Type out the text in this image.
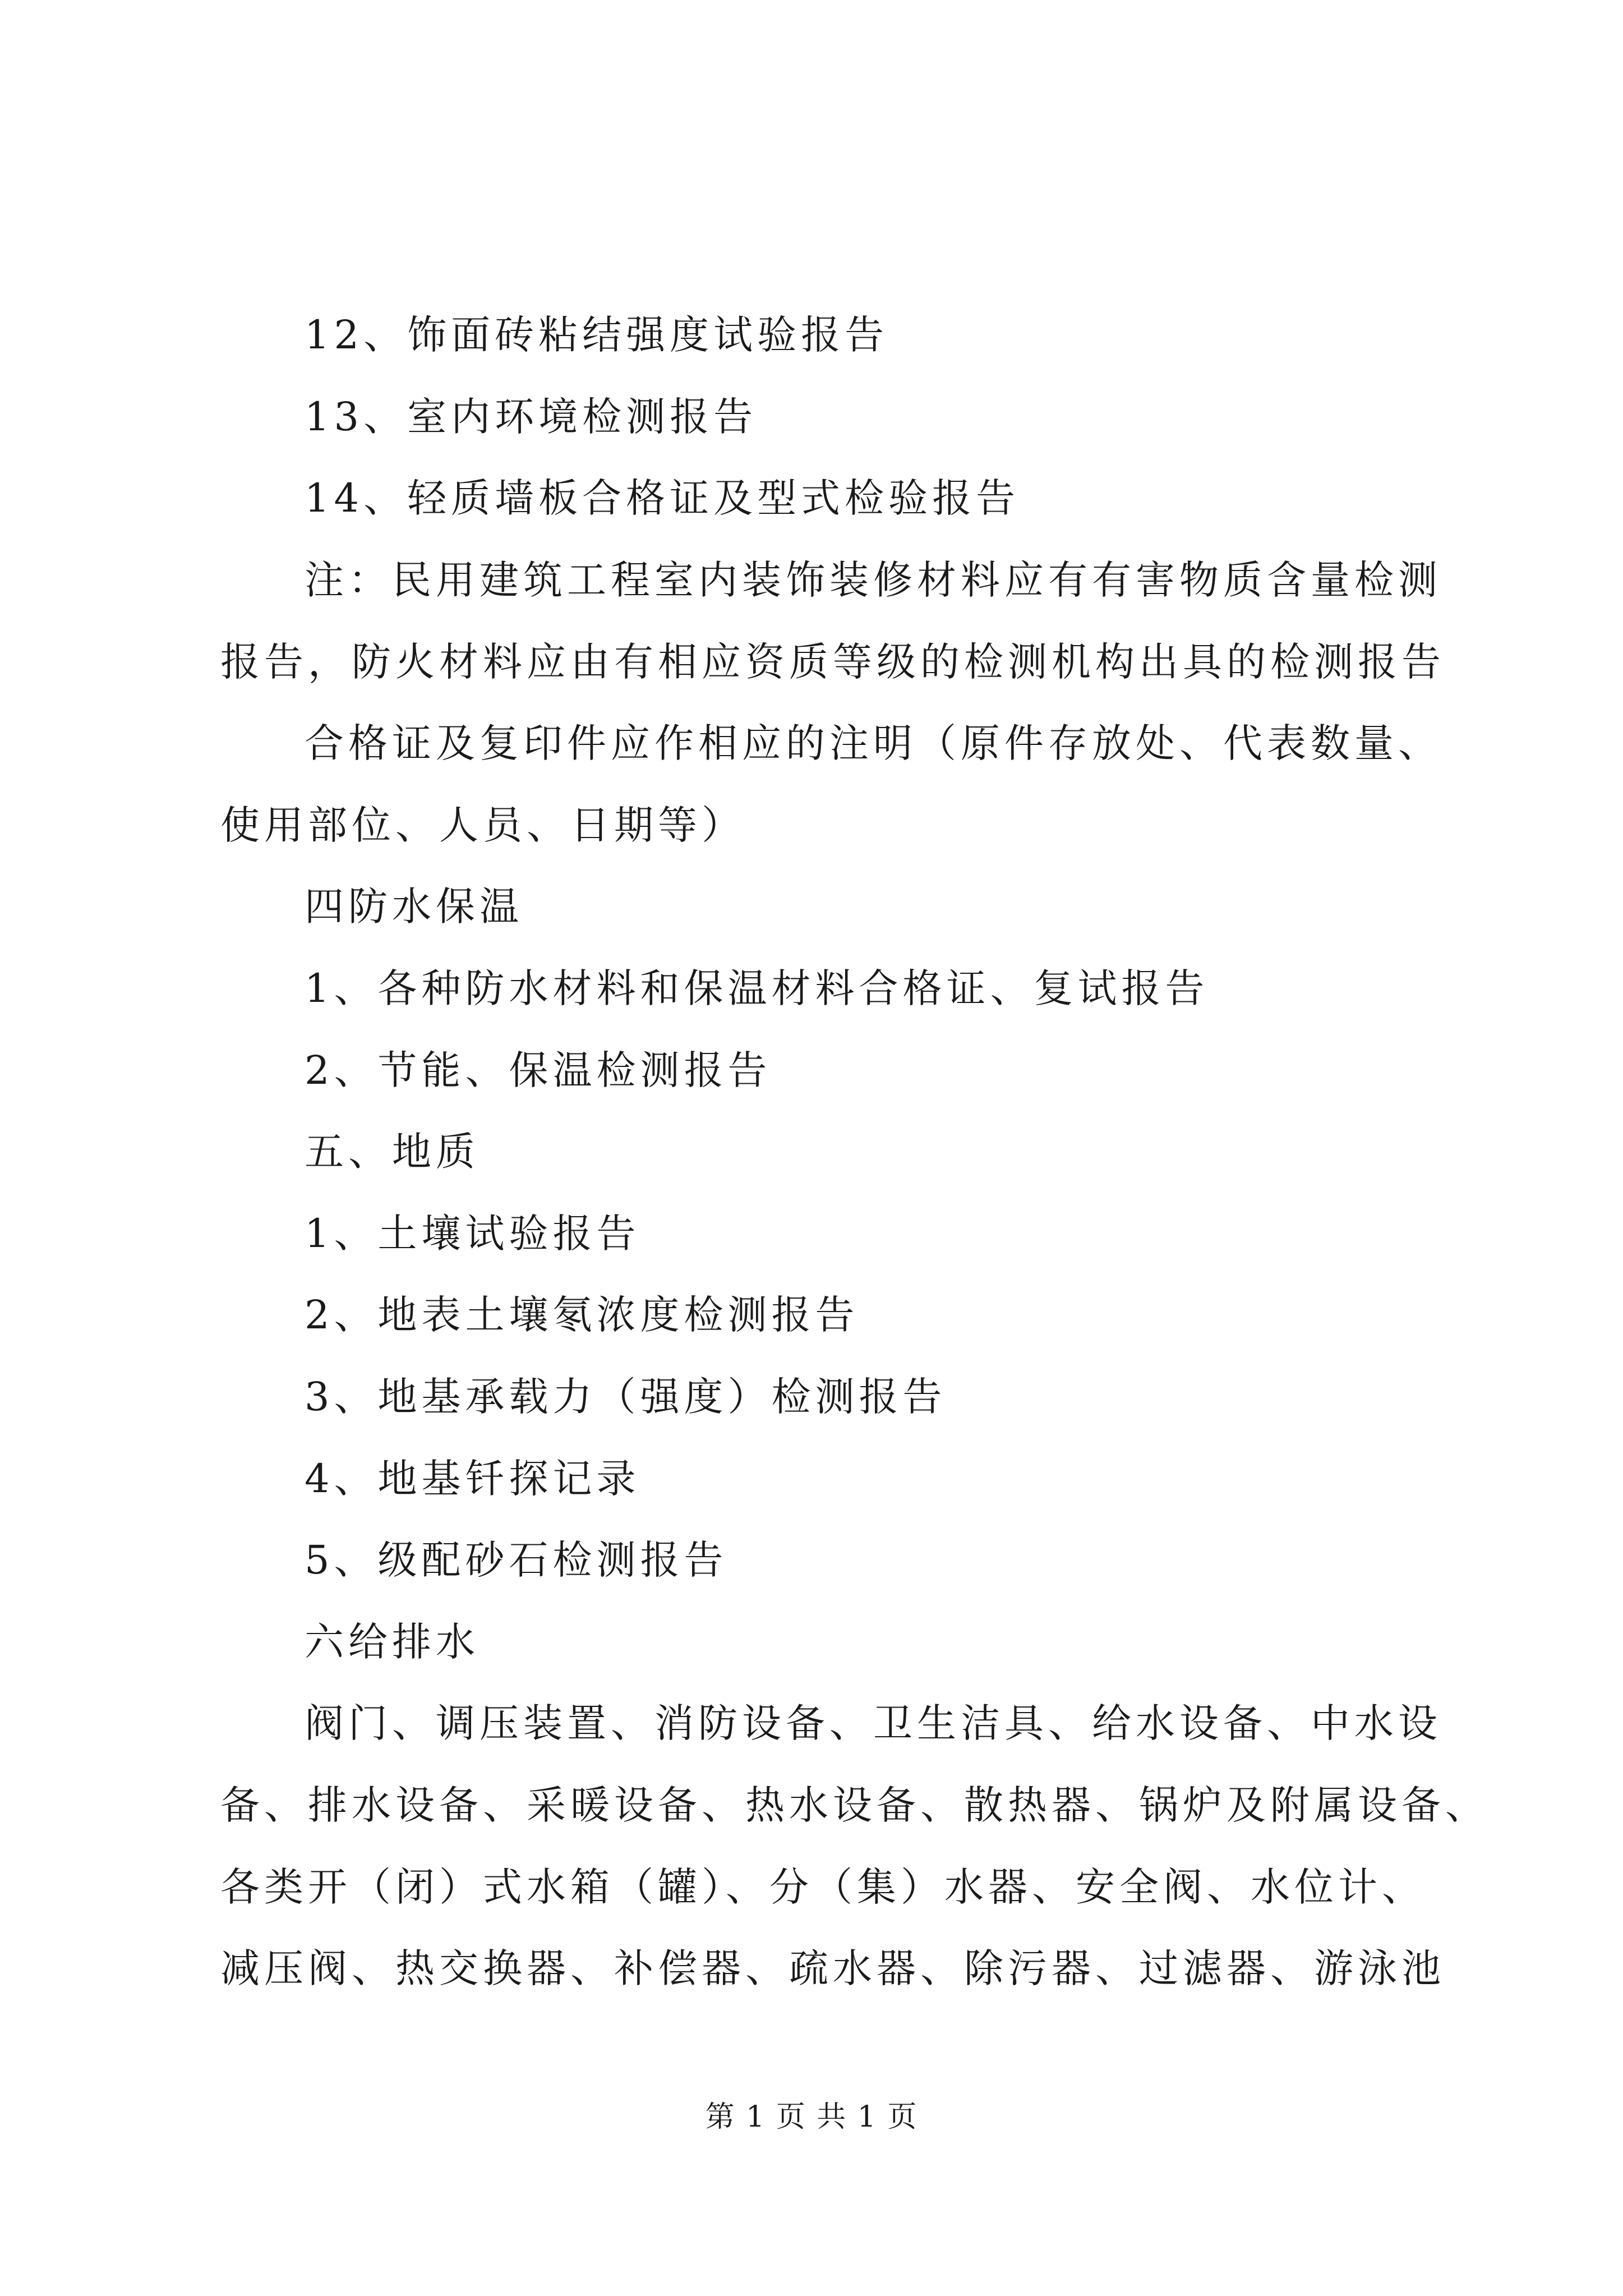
12、饰面砖粘结强度试验报告
13、室内环境检测报告
14、轻质墙板合格证及型式检验报告
注：民用建筑工程室内装饰装修材料应有有害物质含量检测
报告，防火材料应由有相应资质等级的检测机构出具的检测报告
合格证及复印件应作相应的注明（原件存放处、代表数量、
使用部位、人员、日期等）
四防水保温
1、各种防水材料和保温材料合格证、复试报告
2、节能、保温检测报告
五、地质
1、土壤试验报告
2、地表土壤氡浓度检测报告
3、地基承载力（强度）检测报告
4、地基钎探记录
5、级配砂石检测报告
六给排水
阀门、调压装置、消防设备、卫生洁具、给水设备、中水设
备、排水设备、采暖设备、热水设备、散热器、锅炉及附属设备、
各类开（闭）式水箱（罐）、分（集）水器、安全阀、水位计、
减压阀、热交换器、补偿器、疏水器、除污器、过滤器、游泳池
第 1 页 共 1 页
